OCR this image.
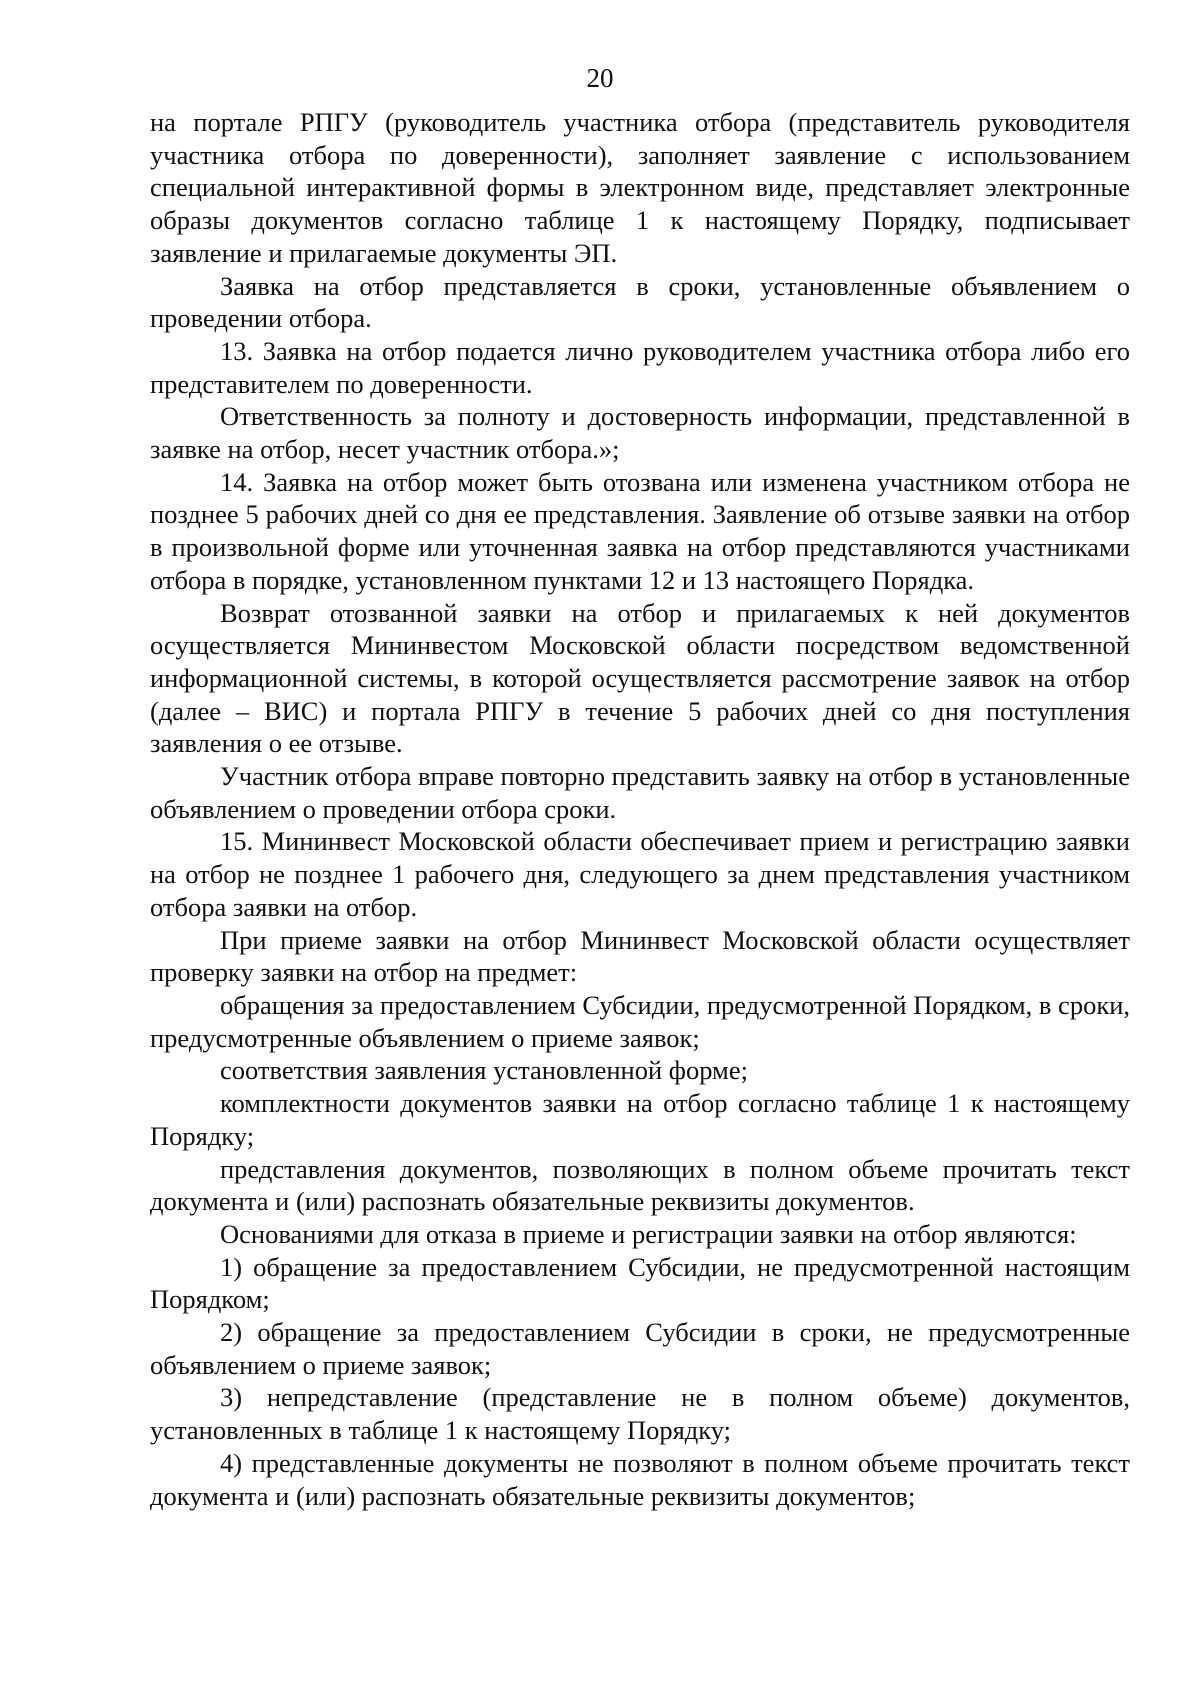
20

на портале РПГУ (руководитель участника отбора (представитель руководителя участника отбора по доверенности), заполняет заявление с использованием специальной интерактивной формы в электронном виде, представляет электронные образы документов согласно таблице 1 к настоящему Порядку, подписывает заявление и прилагаемые документы ЭП.

Заявка на отбор представляется в сроки, установленные объявлением о проведении отбора.

13. Заявка на отбор подается лично руководителем участника отбора либо его представителем по доверенности.

Ответственность за полноту и достоверность информации, представленной в заявке на отбор, несет участник отбора.»;

14. Заявка на отбор может быть отозвана или изменена участником отбора не позднее 5 рабочих дней со дня ее представления. Заявление об отзыве заявки на отбор в произвольной форме или уточненная заявка на отбор представляются участниками отбора в порядке, установленном пунктами 12 и 13 настоящего Порядка.

Возврат отозванной заявки на отбор и прилагаемых к ней документов осуществляется Мининвестом Московской области посредством ведомственной информационной системы, в которой осуществляется рассмотрение заявок на отбор (далее – ВИС) и портала РПГУ в течение 5 рабочих дней со дня поступления заявления о ее отзыве.

Участник отбора вправе повторно представить заявку на отбор в установленные объявлением о проведении отбора сроки.

15. Мининвест Московской области обеспечивает прием и регистрацию заявки на отбор не позднее 1 рабочего дня, следующего за днем представления участником отбора заявки на отбор.

При приеме заявки на отбор Мининвест Московской области осуществляет проверку заявки на отбор на предмет:

обращения за предоставлением Субсидии, предусмотренной Порядком, в сроки, предусмотренные объявлением о приеме заявок;

соответствия заявления установленной форме;

комплектности документов заявки на отбор согласно таблице 1 к настоящему Порядку;

представления документов, позволяющих в полном объеме прочитать текст документа и (или) распознать обязательные реквизиты документов.

Основаниями для отказа в приеме и регистрации заявки на отбор являются:

1) обращение за предоставлением Субсидии, не предусмотренной настоящим Порядком;

2) обращение за предоставлением Субсидии в сроки, не предусмотренные объявлением о приеме заявок;

3) непредставление (представление не в полном объеме) документов, установленных в таблице 1 к настоящему Порядку;

4) представленные документы не позволяют в полном объеме прочитать текст документа и (или) распознать обязательные реквизиты документов;
